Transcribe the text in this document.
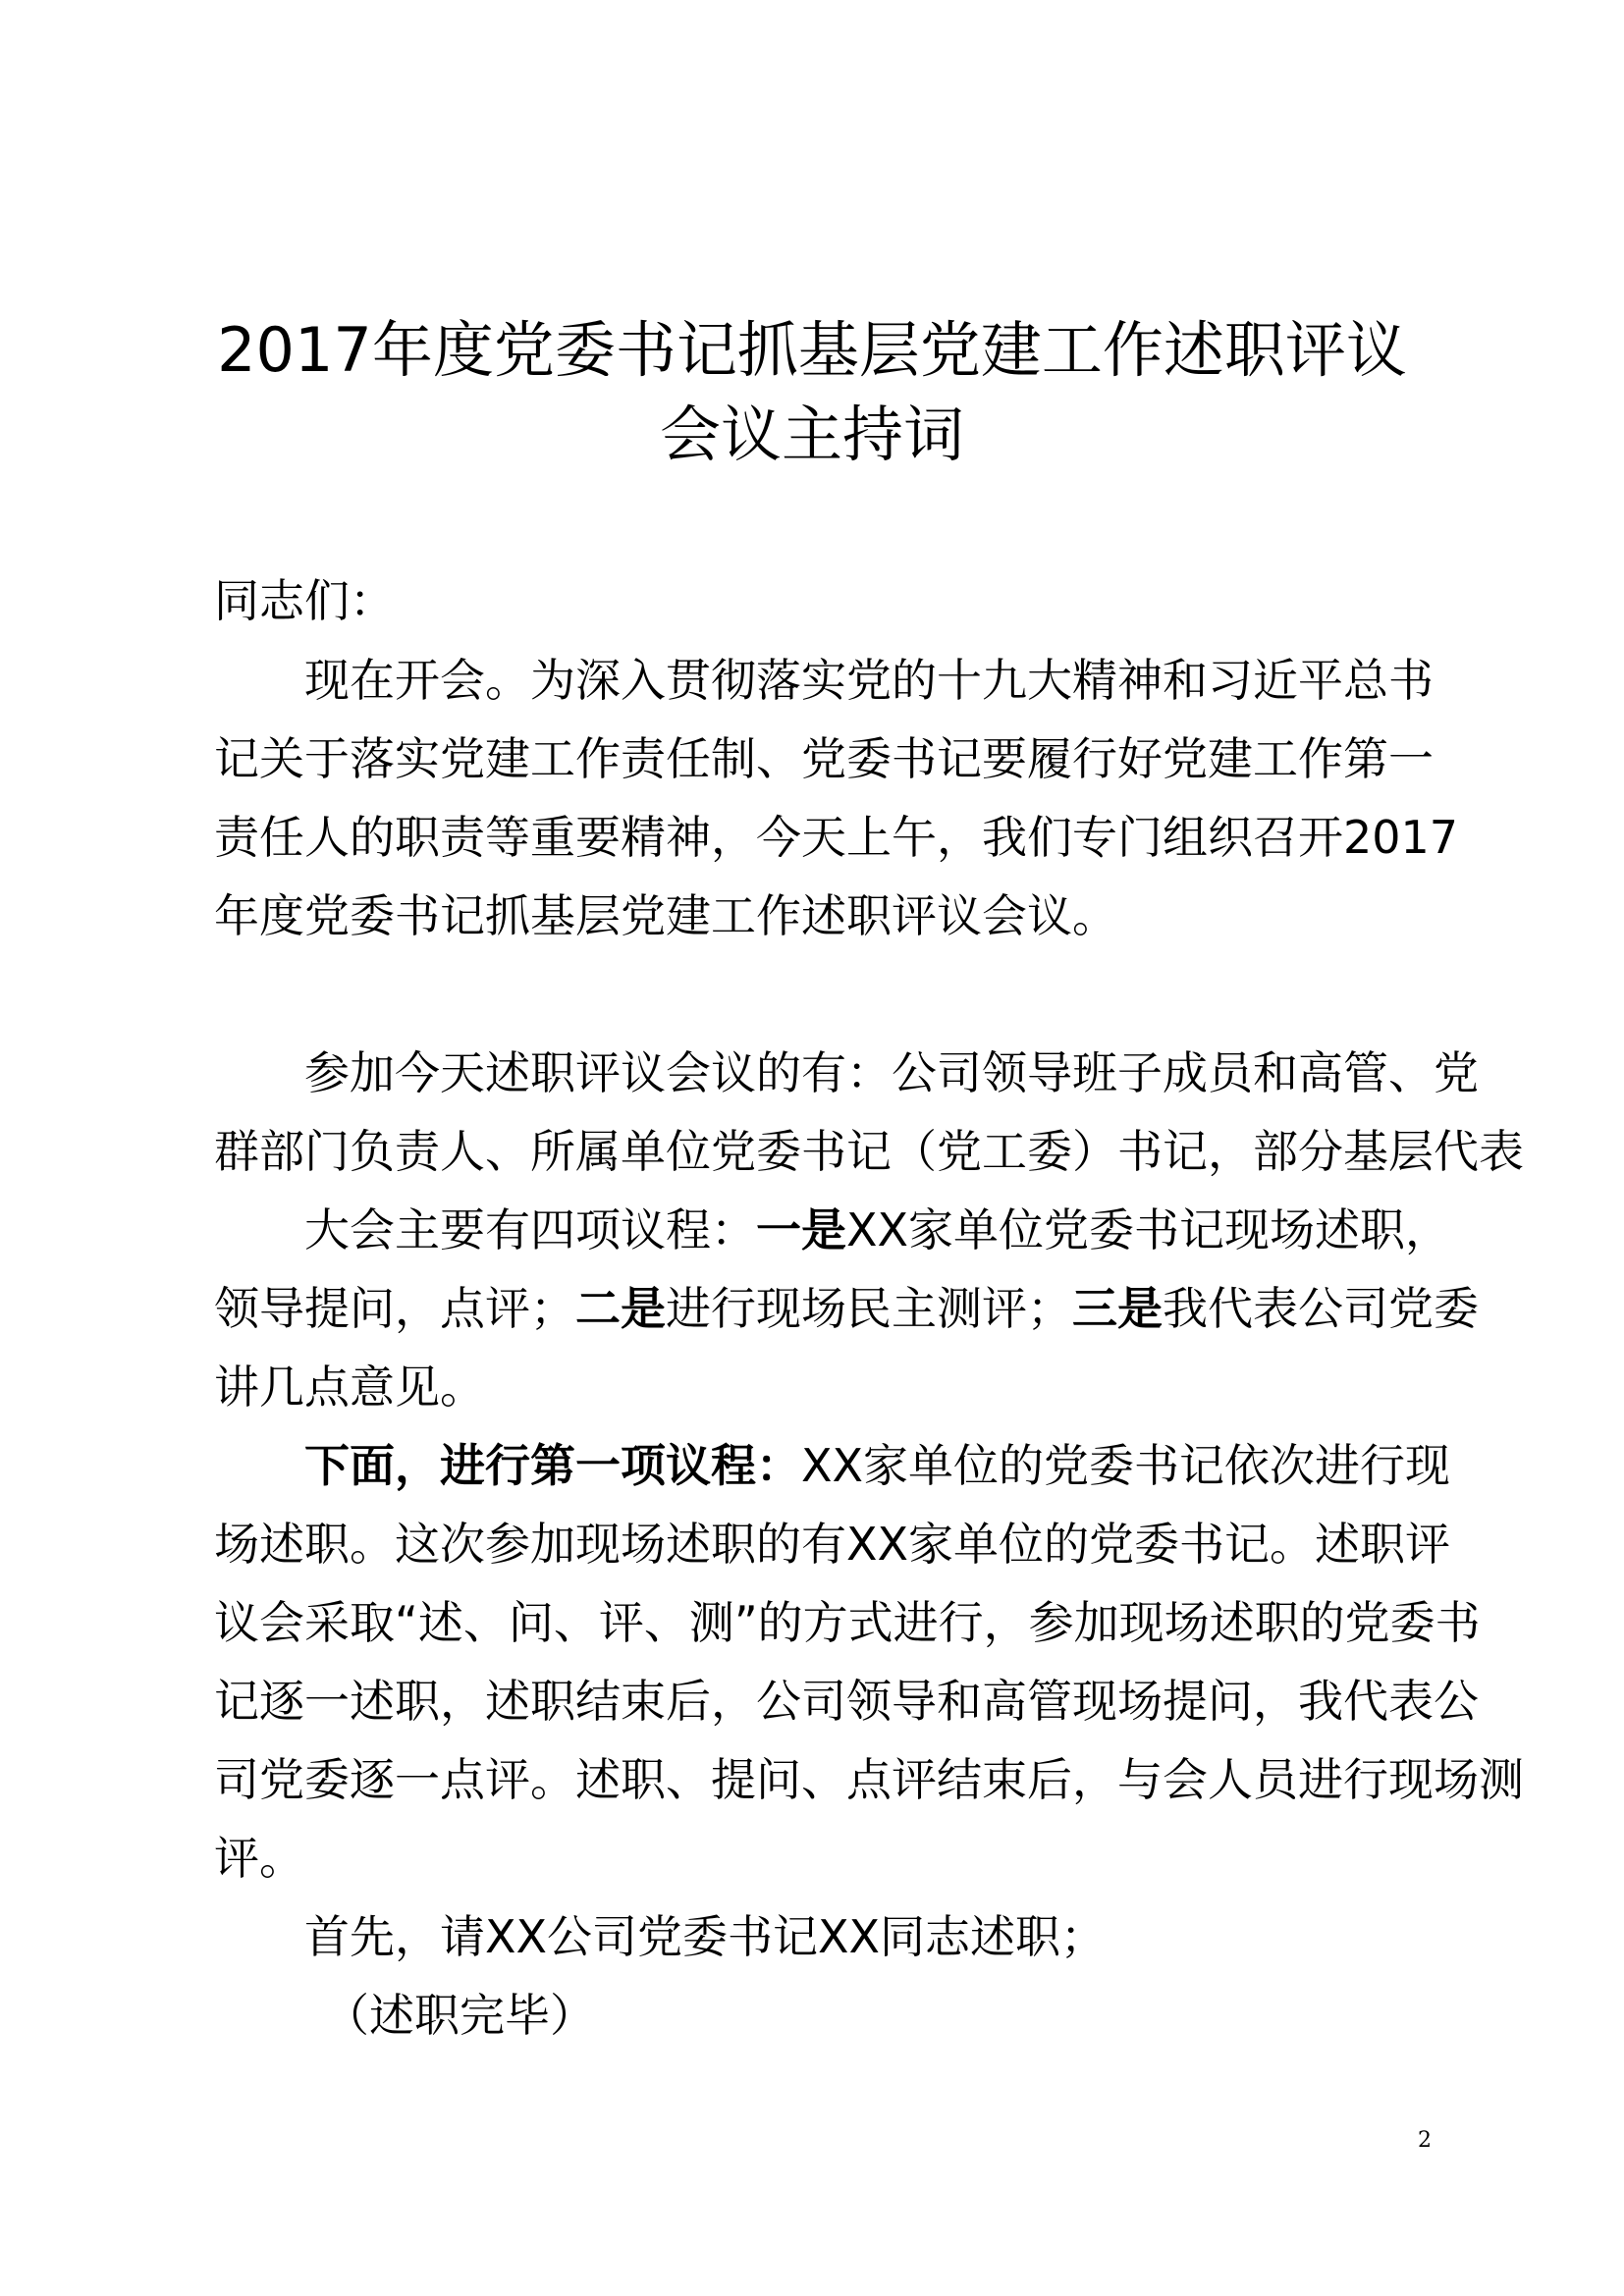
2017年度党委书记抓基层党建工作述职评议
会议主持词

同志们：

现在开会。为深入贯彻落实党的十九大精神和习近平总书

记关于落实党建工作责任制、党委书记要履行好党建工作第一

责任人的职责等重要精神，今天上午，我们专门组织召开2017

年度党委书记抓基层党建工作述职评议会议。

参加今天述职评议会议的有：公司领导班子成员和高管、党

群部门负责人、所属单位党委书记（党工委）书记，部分基层代表

大会主要有四项议程：一是XX家单位党委书记现场述职，

领导提问，点评；二是进行现场民主测评；三是我代表公司党委

讲几点意见。

下面，进行第一项议程：XX家单位的党委书记依次进行现

场述职。这次参加现场述职的有XX家单位的党委书记。述职评

议会采取“述、问、评、测”的方式进行，参加现场述职的党委书

记逐一述职，述职结束后，公司领导和高管现场提问，我代表公

司党委逐一点评。述职、提问、点评结束后，与会人员进行现场测

评。

首先，请XX公司党委书记XX同志述职；

（述职完毕）

2
